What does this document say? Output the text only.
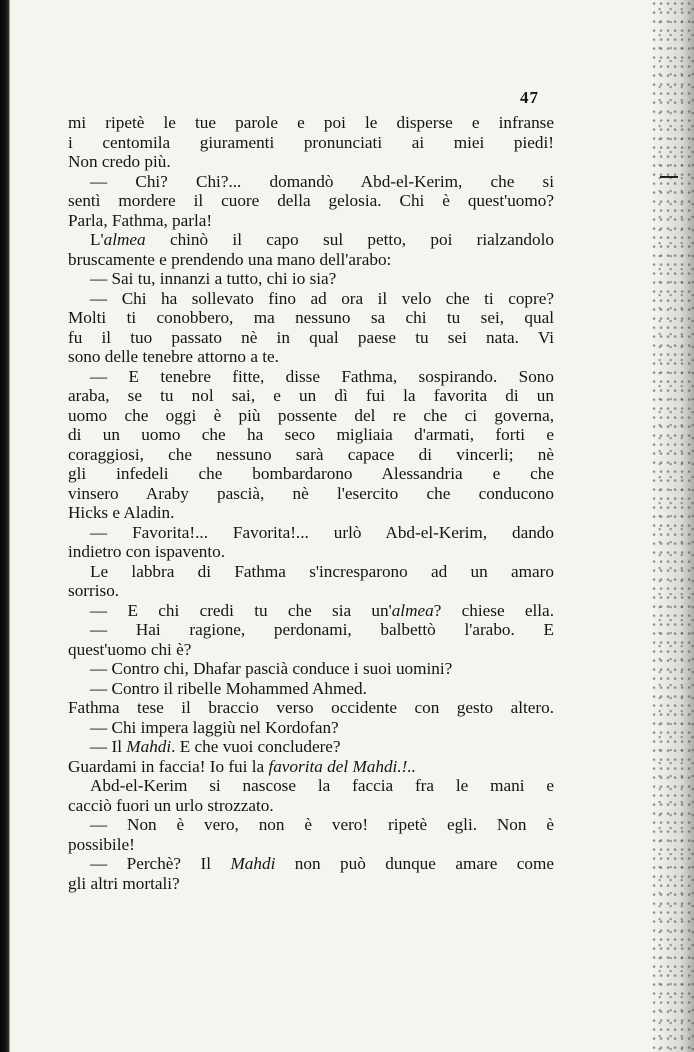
47
mi ripetè le tue parole e poi le disperse e infranse
i centomila giuramenti pronunciati ai miei piedi!
Non credo più.
— Chi? Chi?... domandò Abd-el-Kerim, che si
sentì mordere il cuore della gelosia. Chi è quest'uomo?
Parla, Fathma, parla!
L'almea chinò il capo sul petto, poi rialzandolo
bruscamente e prendendo una mano dell'arabo:
— Sai tu, innanzi a tutto, chi io sia?
— Chi ha sollevato fino ad ora il velo che ti copre?
Molti ti conobbero, ma nessuno sa chi tu sei, qual
fu il tuo passato nè in qual paese tu sei nata. Vi
sono delle tenebre attorno a te.
— E tenebre fitte, disse Fathma, sospirando. Sono
araba, se tu nol sai, e un dì fui la favorita di un
uomo che oggi è più possente del re che ci governa,
di un uomo che ha seco migliaia d'armati, forti e
coraggiosi, che nessuno sarà capace di vincerli; nè
gli infedeli che bombardarono Alessandria e che
vinsero Araby pascià, nè l'esercito che conducono
Hicks e Aladin.
— Favorita!... Favorita!... urlò Abd-el-Kerim, dando
indietro con ispavento.
Le labbra di Fathma s'incresparono ad un amaro
sorriso.
— E chi credi tu che sia un'almea? chiese ella.
— Hai ragione, perdonami, balbettò l'arabo. E
quest'uomo chi è?
— Contro chi, Dhafar pascià conduce i suoi uomini?
— Contro il ribelle Mohammed Ahmed.
Fathma tese il braccio verso occidente con gesto altero.
— Chi impera laggiù nel Kordofan?
— Il Mahdi. E che vuoi concludere?
Guardami in faccia! Io fui la favorita del Mahdi.!..
Abd-el-Kerim si nascose la faccia fra le mani e
cacciò fuori un urlo strozzato.
— Non è vero, non è vero! ripetè egli. Non è
possibile!
— Perchè? Il Mahdi non può dunque amare come
gli altri mortali?
